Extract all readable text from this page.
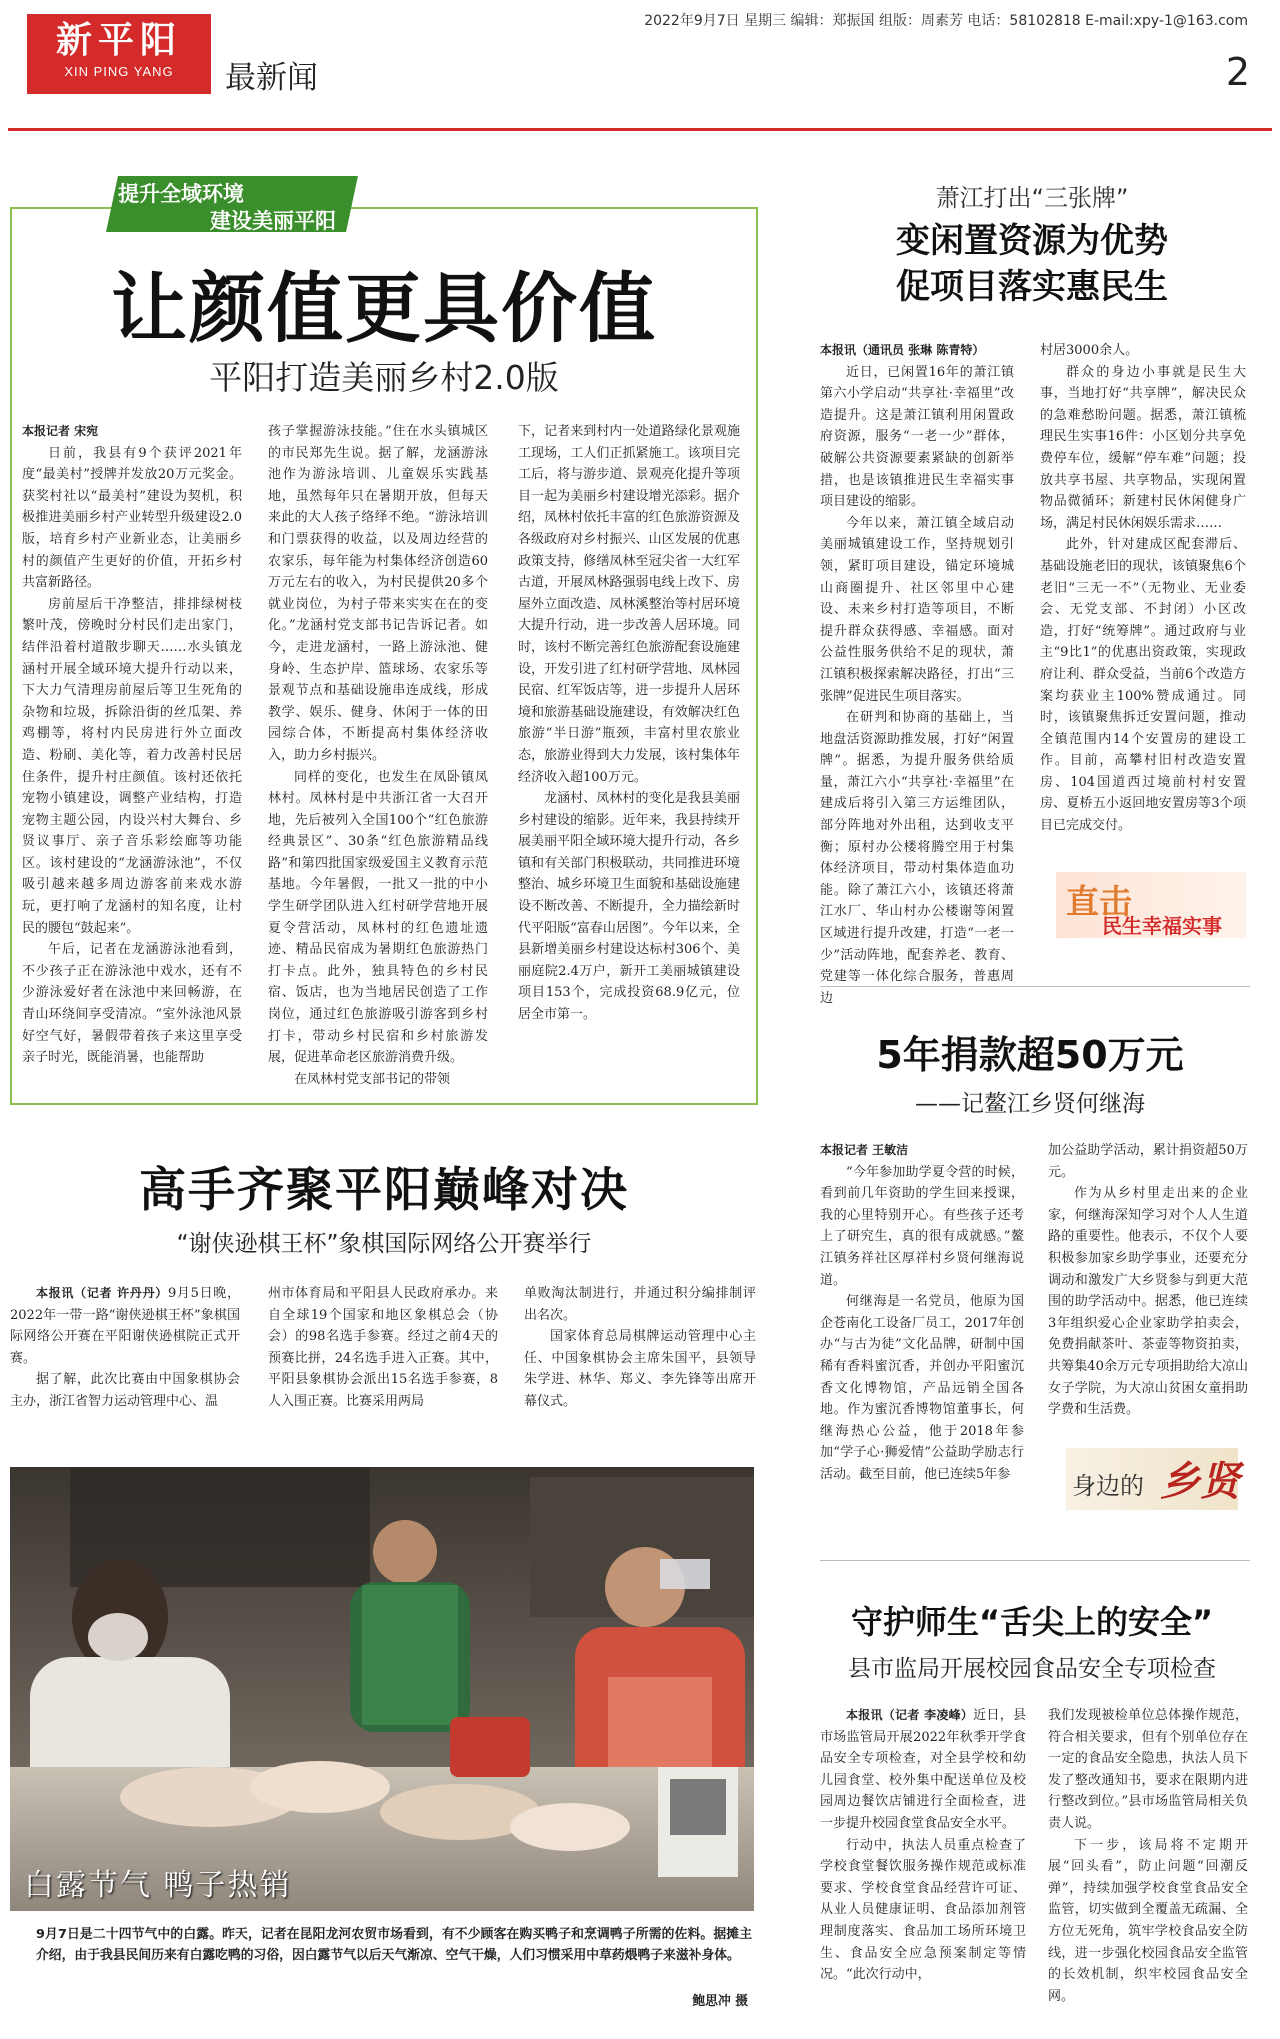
新平阳
XIN PING YANG	最新闻
2022年9月7日 星期三 编辑：郑振国 组版：周素芳 电话：58102818 E-mail:xpy-1@163.com
2
提升全域环境
建设美丽平阳
让颜值更具价值
平阳打造美丽乡村2.0版

本报记者 宋宛

日前，我县有9个获评2021年度“最美村”授牌并发放20万元奖金。获奖村社以“最美村”建设为契机，积极推进美丽乡村产业转型升级建设2.0版，培育乡村产业新业态，让美丽乡村的颜值产生更好的价值，开拓乡村共富新路径。

房前屋后干净整洁，排排绿树枝繁叶茂，傍晚时分村民们走出家门，结伴沿着村道散步聊天……水头镇龙涵村开展全域环境大提升行动以来，下大力气清理房前屋后等卫生死角的杂物和垃圾，拆除沿街的丝瓜架、养鸡棚等，将村内民房进行外立面改造、粉刷、美化等，着力改善村民居住条件，提升村庄颜值。该村还依托宠物小镇建设，调整产业结构，打造宠物主题公园，内设兴村大舞台、乡贤议事厅、亲子音乐彩绘廊等功能区。该村建设的“龙涵游泳池”，不仅吸引越来越多周边游客前来戏水游玩，更打响了龙涵村的知名度，让村民的腰包“鼓起来”。

午后，记者在龙涵游泳池看到，不少孩子正在游泳池中戏水，还有不少游泳爱好者在泳池中来回畅游，在青山环绕间享受清凉。“室外泳池风景好空气好，暑假带着孩子来这里享受亲子时光，既能消暑，也能帮助

孩子掌握游泳技能。”住在水头镇城区的市民郑先生说。据了解，龙涵游泳池作为游泳培训、儿童娱乐实践基地，虽然每年只在暑期开放，但每天来此的大人孩子络绎不绝。“游泳培训和门票获得的收益，以及周边经营的农家乐，每年能为村集体经济创造60万元左右的收入，为村民提供20多个就业岗位，为村子带来实实在在的变化。”龙涵村党支部书记告诉记者。如今，走进龙涵村，一路上游泳池、健身岭、生态护岸、篮球场、农家乐等景观节点和基础设施串连成线，形成教学、娱乐、健身、休闲于一体的田园综合体，不断提高村集体经济收入，助力乡村振兴。

同样的变化，也发生在凤卧镇凤林村。凤林村是中共浙江省一大召开地，先后被列入全国100个“红色旅游经典景区”、30条“红色旅游精品线路”和第四批国家级爱国主义教育示范基地。今年暑假，一批又一批的中小学生研学团队进入红村研学营地开展夏令营活动，凤林村的红色遗址遗迹、精品民宿成为暑期红色旅游热门打卡点。此外，独具特色的乡村民宿、饭店，也为当地居民创造了工作岗位，通过红色旅游吸引游客到乡村打卡，带动乡村民宿和乡村旅游发展，促进革命老区旅游消费升级。

在凤林村党支部书记的带领

下，记者来到村内一处道路绿化景观施工现场，工人们正抓紧施工。该项目完工后，将与游步道、景观亮化提升等项目一起为美丽乡村建设增光添彩。据介绍，凤林村依托丰富的红色旅游资源及各级政府对乡村振兴、山区发展的优惠政策支持，修缮凤林至冠尖省一大红军古道，开展凤林路强弱电线上改下、房屋外立面改造、凤林溪整治等村居环境大提升行动，进一步改善人居环境。同时，该村不断完善红色旅游配套设施建设，开发引进了红村研学营地、凤林园民宿、红军饭店等，进一步提升人居环境和旅游基础设施建设，有效解决红色旅游“半日游”瓶颈，丰富村里农旅业态，旅游业得到大力发展，该村集体年经济收入超100万元。

龙涵村、凤林村的变化是我县美丽乡村建设的缩影。近年来，我县持续开展美丽平阳全域环境大提升行动，各乡镇和有关部门积极联动，共同推进环境整治、城乡环境卫生面貌和基础设施建设不断改善、不断提升，全力描绘新时代平阳版“富春山居图”。今年以来，全县新增美丽乡村建设达标村306个、美丽庭院2.4万户，新开工美丽城镇建设项目153个，完成投资68.9亿元，位居全市第一。

萧江打出“三张牌”
变闲置资源为优势
促项目落实惠民生

本报讯（通讯员 张琳 陈青特）

近日，已闲置16年的萧江镇第六小学启动“共享社·幸福里”改造提升。这是萧江镇利用闲置政府资源，服务“一老一少”群体，破解公共资源要素紧缺的创新举措，也是该镇推进民生幸福实事项目建设的缩影。

今年以来，萧江镇全域启动美丽城镇建设工作，坚持规划引领，紧盯项目建设，锚定环境城山商圈提升、社区邻里中心建设、未来乡村打造等项目，不断提升群众获得感、幸福感。面对公益性服务供给不足的现状，萧江镇积极探索解决路径，打出“三张牌”促进民生项目落实。

在研判和协商的基础上，当地盘活资源助推发展，打好“闲置牌”。据悉，为提升服务供给质量，萧江六小“共享社·幸福里”在建成后将引入第三方运维团队，部分阵地对外出租，达到收支平衡；原村办公楼将腾空用于村集体经济项目，带动村集体造血功能。除了萧江六小，该镇还将萧江水厂、华山村办公楼谢等闲置区域进行提升改建，打造“一老一少”活动阵地，配套养老、教育、党建等一体化综合服务，普惠周边

村居3000余人。

群众的身边小事就是民生大事，当地打好“共享牌”，解决民众的急难愁盼问题。据悉，萧江镇梳理民生实事16件：小区划分共享免费停车位，缓解“停车难”问题；投放共享书屋、共享物品，实现闲置物品微循环；新建村民休闲健身广场，满足村民休闲娱乐需求……

此外，针对建成区配套滞后、基础设施老旧的现状，该镇聚焦6个老旧“三无一不”（无物业、无业委会、无党支部、不封闭）小区改造，打好“统筹牌”。通过政府与业主“9比1”的优惠出资政策，实现政府让利、群众受益，当前6个改造方案均获业主100%赞成通过。同时，该镇聚焦拆迁安置问题，推动全镇范围内14个安置房的建设工作。目前，高攀村旧村改造安置房、104国道西过境前村村安置房、夏桥五小返回地安置房等3个项目已完成交付。

直击
民生幸福实事
5年捐款超50万元
——记鳌江乡贤何继海

本报记者 王敏洁

“今年参加助学夏令营的时候，看到前几年资助的学生回来授课，我的心里特别开心。有些孩子还考上了研究生，真的很有成就感。”鳌江镇务祥社区厚祥村乡贤何继海说道。

何继海是一名党员，他原为国企苍南化工设备厂员工，2017年创办“与古为徒”文化品牌，研制中国稀有香料蜜沉香，并创办平阳蜜沉香文化博物馆，产品远销全国各地。作为蜜沉香博物馆董事长，何继海热心公益，他于2018年参加“学子心·狮爱情”公益助学励志行活动。截至目前，他已连续5年参

加公益助学活动，累计捐资超50万元。

作为从乡村里走出来的企业家，何继海深知学习对个人人生道路的重要性。他表示，不仅个人要积极参加家乡助学事业，还要充分调动和激发广大乡贤参与到更大范围的助学活动中。据悉，他已连续3年组织爱心企业家助学拍卖会，免费捐献茶叶、茶壶等物资拍卖，共筹集40余万元专项捐助给大凉山女子学院，为大凉山贫困女童捐助学费和生活费。

身边的 乡贤
高手齐聚平阳巅峰对决
“谢侠逊棋王杯”象棋国际网络公开赛举行

本报讯（记者 许丹丹）9月5日晚，2022年一带一路“谢侠逊棋王杯”象棋国际网络公开赛在平阳谢侠逊棋院正式开赛。

据了解，此次比赛由中国象棋协会主办，浙江省智力运动管理中心、温

州市体育局和平阳县人民政府承办。来自全球19个国家和地区象棋总会（协会）的98名选手参赛。经过之前4天的预赛比拼，24名选手进入正赛。其中，平阳县象棋协会派出15名选手参赛，8人入围正赛。比赛采用两局

单败淘汰制进行，并通过积分编排制评出名次。

国家体育总局棋牌运动管理中心主任、中国象棋协会主席朱国平，县领导朱学进、林华、郑义、李先锋等出席开幕仪式。

白露节气 鸭子热销
9月7日是二十四节气中的白露。昨天，记者在昆阳龙河农贸市场看到，有不少顾客在购买鸭子和烹调鸭子所需的佐料。据摊主介绍，由于我县民间历来有白露吃鸭的习俗，因白露节气以后天气渐凉、空气干燥，人们习惯采用中草药煨鸭子来滋补身体。
鲍思冲 摄
守护师生“舌尖上的安全”
县市监局开展校园食品安全专项检查

本报讯（记者 李凌峰）近日，县市场监管局开展2022年秋季开学食品安全专项检查，对全县学校和幼儿园食堂、校外集中配送单位及校园周边餐饮店铺进行全面检查，进一步提升校园食堂食品安全水平。

行动中，执法人员重点检查了学校食堂餐饮服务操作规范或标准要求、学校食堂食品经营许可证、从业人员健康证明、食品添加剂管理制度落实、食品加工场所环境卫生、食品安全应急预案制定等情况。“此次行动中，

我们发现被检单位总体操作规范，符合相关要求，但有个别单位存在一定的食品安全隐患，执法人员下发了整改通知书，要求在限期内进行整改到位。”县市场监管局相关负责人说。

下一步，该局将不定期开展“回头看”，防止问题“回潮反弹”，持续加强学校食堂食品安全监管，切实做到全覆盖无疏漏、全方位无死角，筑牢学校食品安全防线，进一步强化校园食品安全监管的长效机制，织牢校园食品安全网。
